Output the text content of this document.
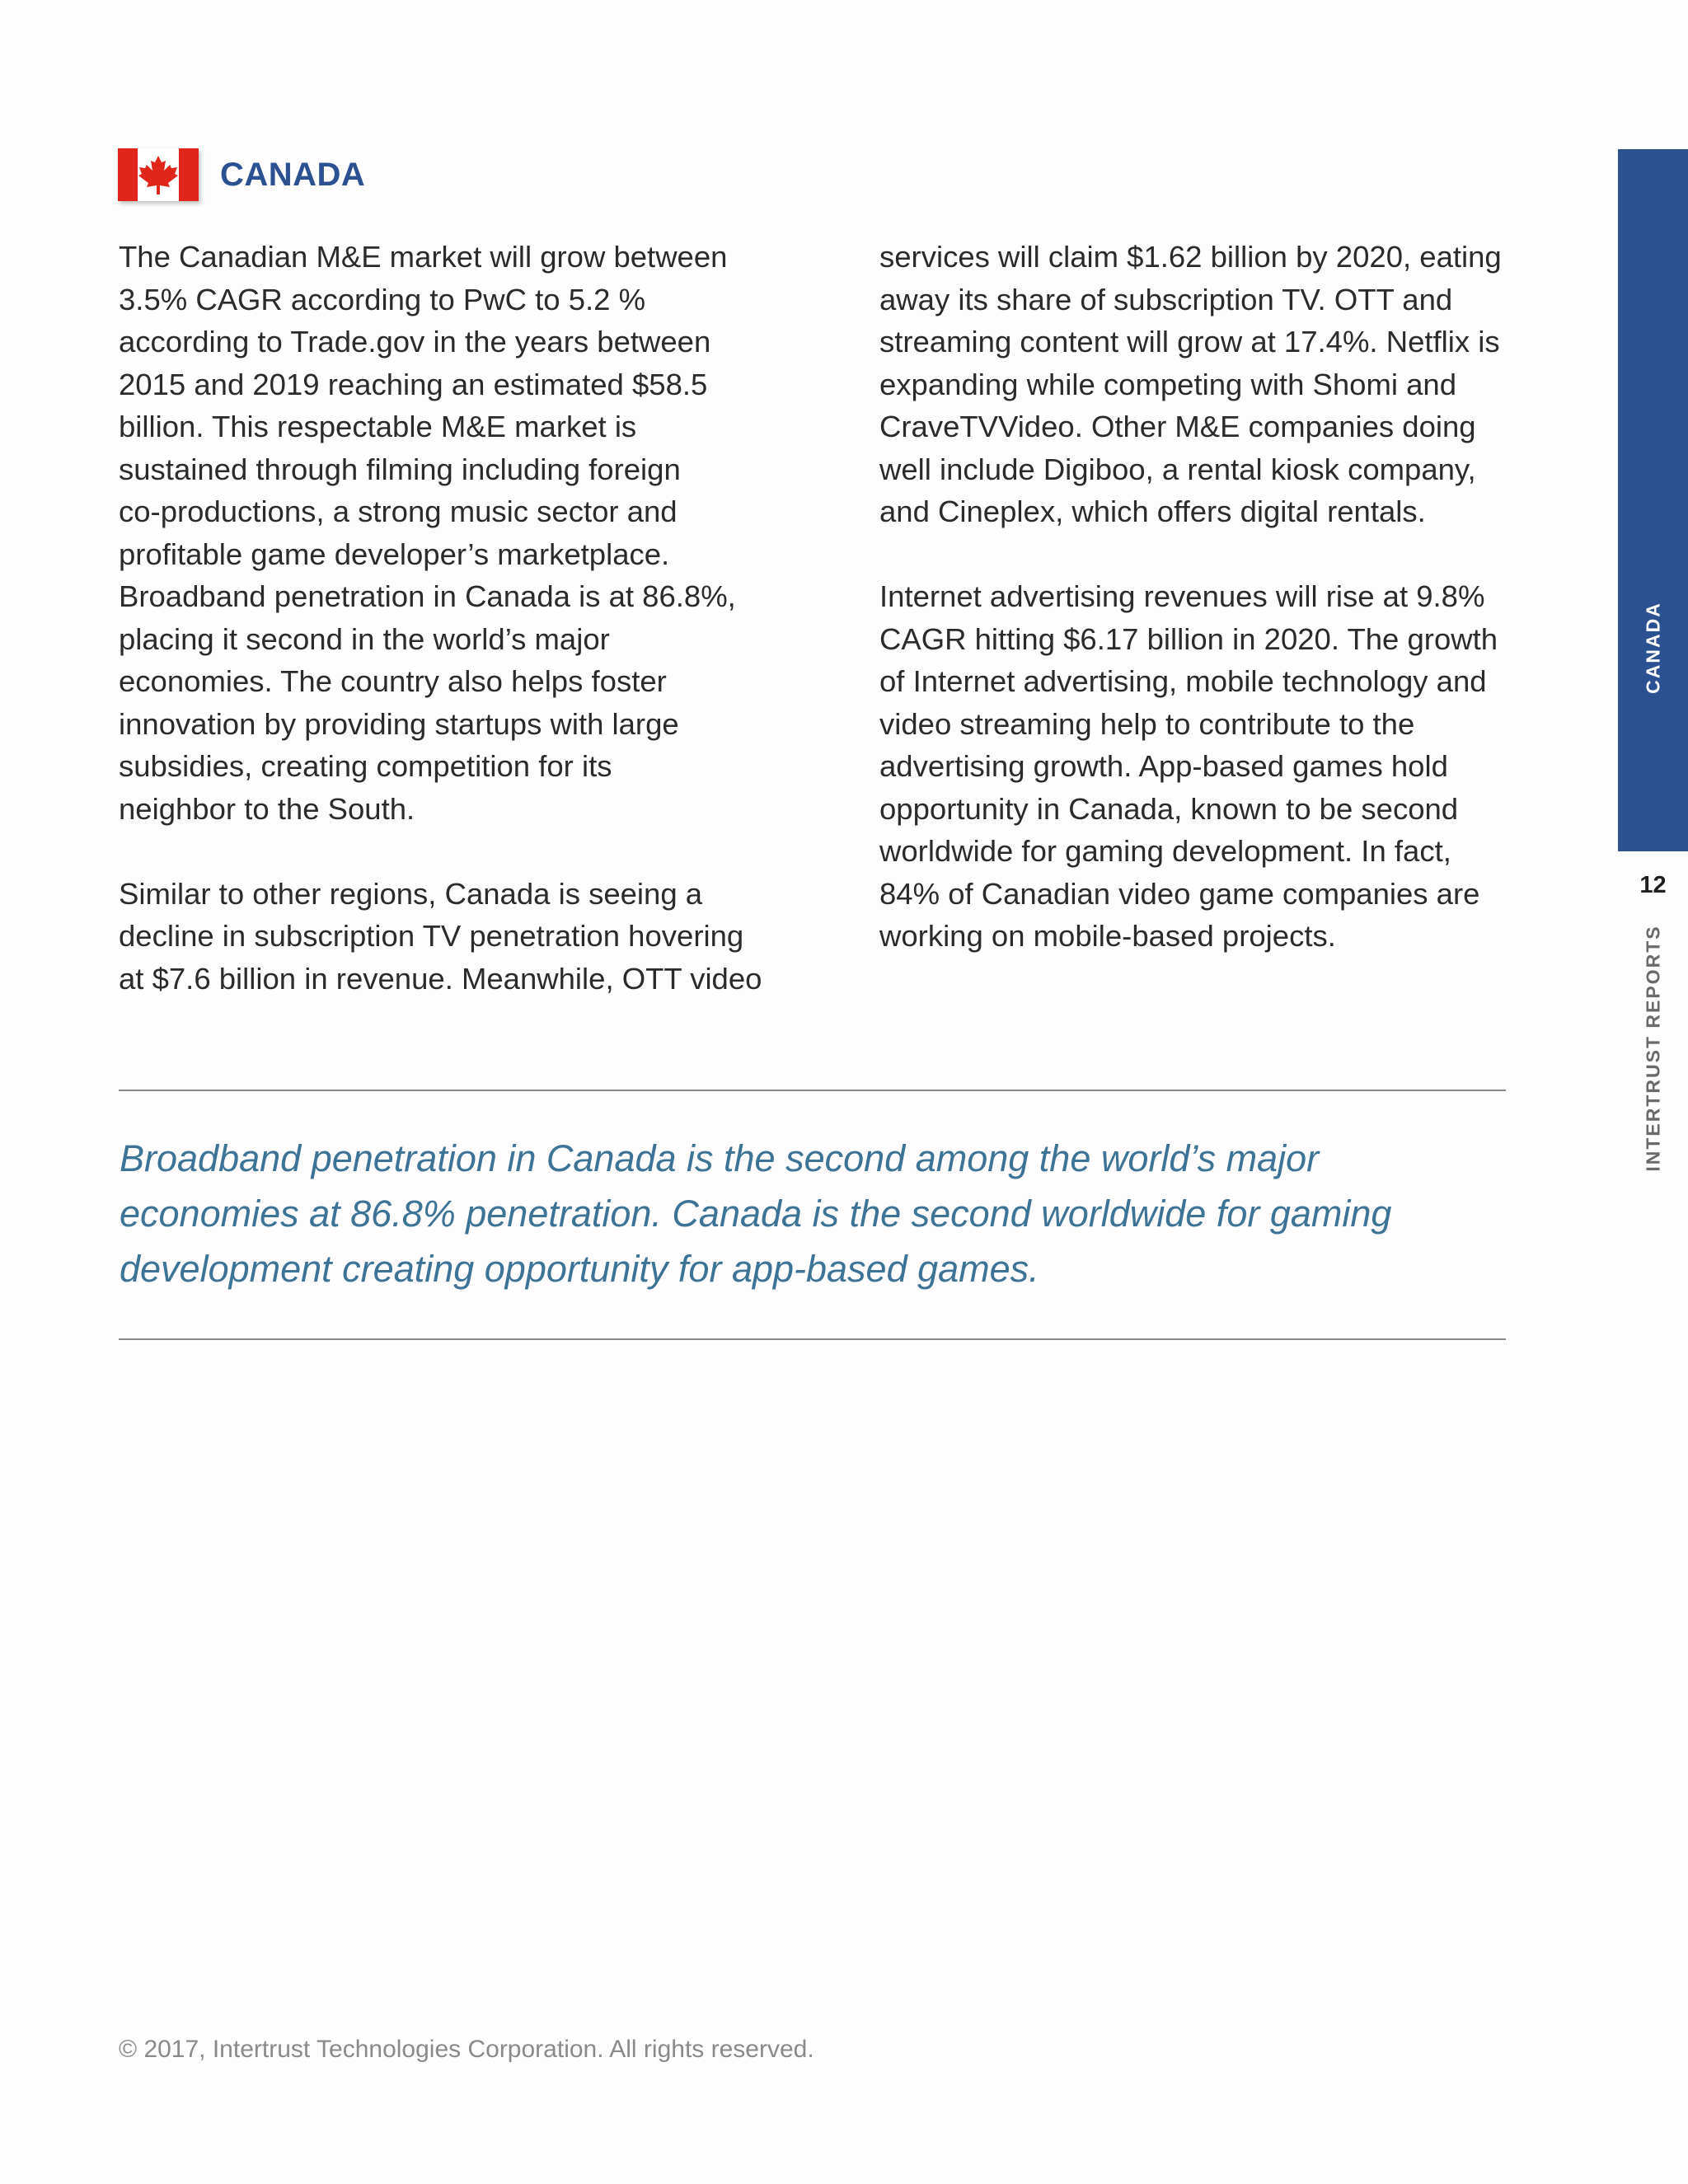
CANADA

The Canadian M&E market will grow between
3.5% CAGR according to PwC to 5.2 %
according to Trade.gov in the years between
2015 and 2019 reaching an estimated $58.5
billion. This respectable M&E market is
sustained through filming including foreign
co-productions, a strong music sector and
profitable game developer’s marketplace.
Broadband penetration in Canada is at 86.8%,
placing it second in the world’s major
economies. The country also helps foster
innovation by providing startups with large
subsidies, creating competition for its
neighbor to the South.

Similar to other regions, Canada is seeing a
decline in subscription TV penetration hovering
at $7.6 billion in revenue. Meanwhile, OTT video

services will claim $1.62 billion by 2020, eating
away its share of subscription TV. OTT and
streaming content will grow at 17.4%. Netflix is
expanding while competing with Shomi and
CraveTVVideo. Other M&E companies doing
well include Digiboo, a rental kiosk company,
and Cineplex, which offers digital rentals.

Internet advertising revenues will rise at 9.8%
CAGR hitting $6.17 billion in 2020. The growth
of Internet advertising, mobile technology and
video streaming help to contribute to the
advertising growth. App-based games hold
opportunity in Canada, known to be second
worldwide for gaming development. In fact,
84% of Canadian video game companies are
working on mobile-based projects.

Broadband penetration in Canada is the second among the world’s major
economies at 86.8% penetration. Canada is the second worldwide for gaming
development creating opportunity for app-based games.

CANADA
12
INTERTRUST REPORTS
© 2017, Intertrust Technologies Corporation. All rights reserved.
